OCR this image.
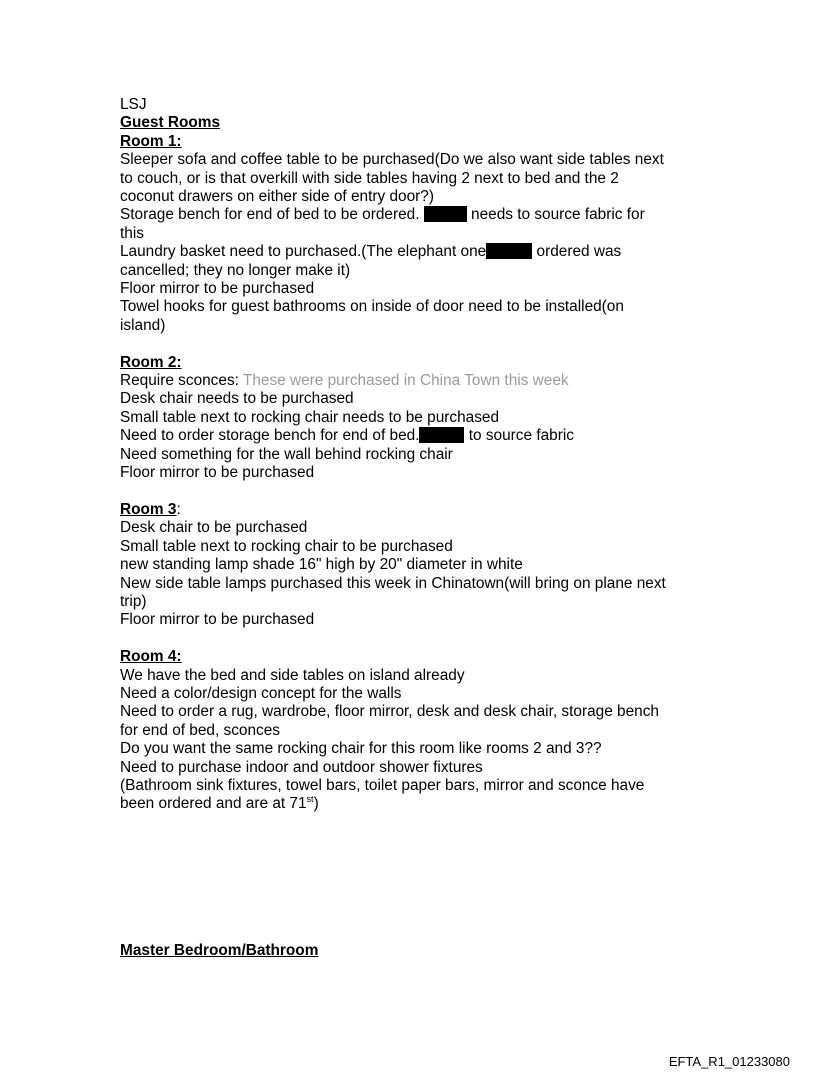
LSJ
Guest Rooms
Room 1:
Sleeper sofa and coffee table to be purchased(Do we also want side tables next
to couch, or is that overkill with side tables having 2 next to bed and the 2
coconut drawers on either side of entry door?)
Storage bench for end of bed to be ordered.	needs to source fabric for
this
Laundry basket need to purchased.(The elephant one	ordered was
cancelled; they no longer make it)
Floor mirror to be purchased
Towel hooks for guest bathrooms on inside of door need to be installed(on
island)
Room 2:
Require sconces: These were purchased in China Town this week
Desk chair needs to be purchased
Small table next to rocking chair needs to be purchased
Need to order storage bench for end of bed.	to source fabric
Need something for the wall behind rocking chair
Floor mirror to be purchased
Room 3:
Desk chair to be purchased
Small table next to rocking chair to be purchased
new standing lamp shade 16" high by 20" diameter in white
New side table lamps purchased this week in Chinatown(will bring on plane next
trip)
Floor mirror to be purchased
Room 4:
We have the bed and side tables on island already
Need a color/design concept for the walls
Need to order a rug, wardrobe, floor mirror, desk and desk chair, storage bench
for end of bed, sconces
Do you want the same rocking chair for this room like rooms 2 and 3??
Need to purchase indoor and outdoor shower fixtures
(Bathroom sink fixtures, towel bars, toilet paper bars, mirror and sconce have
been ordered and are at 71st)
Master Bedroom/Bathroom
EFTA_R1_01233080
